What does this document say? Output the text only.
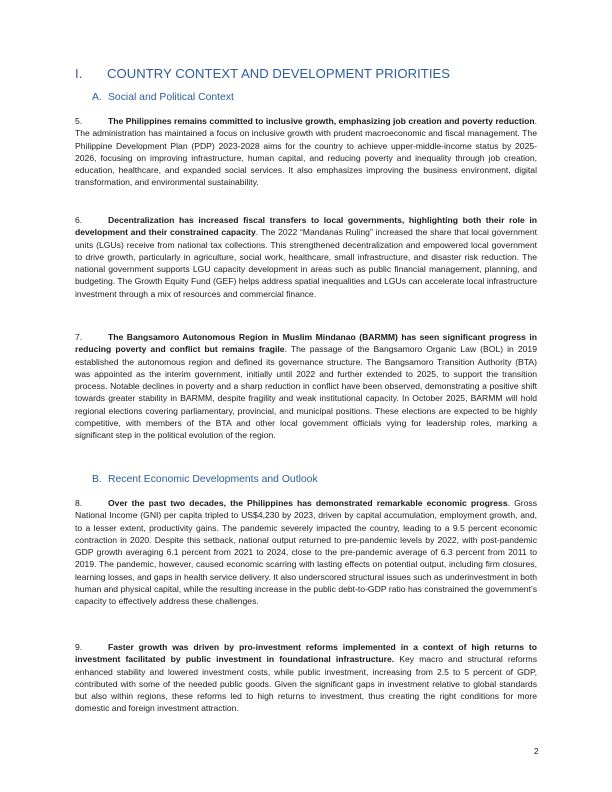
I. COUNTRY CONTEXT AND DEVELOPMENT PRIORITIES
A. Social and Political Context
5.	The Philippines remains committed to inclusive growth, emphasizing job creation and poverty reduction. The administration has maintained a focus on inclusive growth with prudent macroeconomic and fiscal management. The Philippine Development Plan (PDP) 2023-2028 aims for the country to achieve upper-middle-income status by 2025-2026, focusing on improving infrastructure, human capital, and reducing poverty and inequality through job creation, education, healthcare, and expanded social services. It also emphasizes improving the business environment, digital transformation, and environmental sustainability.
6.	Decentralization has increased fiscal transfers to local governments, highlighting both their role in development and their constrained capacity. The 2022 “Mandanas Ruling” increased the share that local government units (LGUs) receive from national tax collections. This strengthened decentralization and empowered local government to drive growth, particularly in agriculture, social work, healthcare, small infrastructure, and disaster risk reduction. The national government supports LGU capacity development in areas such as public financial management, planning, and budgeting. The Growth Equity Fund (GEF) helps address spatial inequalities and LGUs can accelerate local infrastructure investment through a mix of resources and commercial finance.
7.	The Bangsamoro Autonomous Region in Muslim Mindanao (BARMM) has seen significant progress in reducing poverty and conflict but remains fragile. The passage of the Bangsamoro Organic Law (BOL) in 2019 established the autonomous region and defined its governance structure. The Bangsamoro Transition Authority (BTA) was appointed as the interim government, initially until 2022 and further extended to 2025, to support the transition process. Notable declines in poverty and a sharp reduction in conflict have been observed, demonstrating a positive shift towards greater stability in BARMM, despite fragility and weak institutional capacity. In October 2025, BARMM will hold regional elections covering parliamentary, provincial, and municipal positions. These elections are expected to be highly competitive, with members of the BTA and other local government officials vying for leadership roles, marking a significant step in the political evolution of the region.
B. Recent Economic Developments and Outlook
8.	Over the past two decades, the Philippines has demonstrated remarkable economic progress. Gross National Income (GNI) per capita tripled to US$4,230 by 2023, driven by capital accumulation, employment growth, and, to a lesser extent, productivity gains. The pandemic severely impacted the country, leading to a 9.5 percent economic contraction in 2020. Despite this setback, national output returned to pre-pandemic levels by 2022, with post-pandemic GDP growth averaging 6.1 percent from 2021 to 2024, close to the pre-pandemic average of 6.3 percent from 2011 to 2019. The pandemic, however, caused economic scarring with lasting effects on potential output, including firm closures, learning losses, and gaps in health service delivery. It also underscored structural issues such as underinvestment in both human and physical capital, while the resulting increase in the public debt-to-GDP ratio has constrained the government’s capacity to effectively address these challenges.
9.	Faster growth was driven by pro-investment reforms implemented in a context of high returns to investment facilitated by public investment in foundational infrastructure. Key macro and structural reforms enhanced stability and lowered investment costs, while public investment, increasing from 2.5 to 5 percent of GDP, contributed with some of the needed public goods. Given the significant gaps in investment relative to global standards but also within regions, these reforms led to high returns to investment, thus creating the right conditions for more domestic and foreign investment attraction.
2
